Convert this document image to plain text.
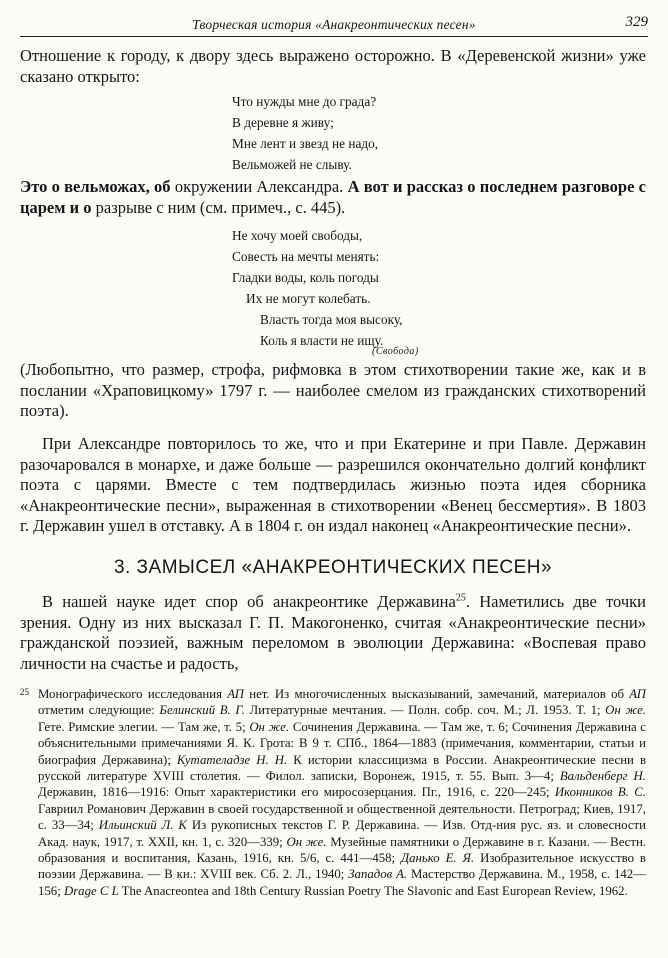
Творческая история «Анакреонтических песен»	329

Отношение к городу, к двору здесь выражено осторожно. В «Деревенской жизни» уже сказано открыто:

Что нужды мне до града?
В деревне я живу;
Мне лент и звезд не надо,
Вельможей не слыву.

Это о вельможах, об окружении Александра. А вот и рассказ о последнем разговоре с царем и о разрыве с ним (см. примеч., с. 445).

Не хочу моей свободы,
Совесть на мечты менять:
Гладки воды, коль погоды
Их не могут колебать.
Власть тогда моя высоку,
Коль я власти не ищу.
(Свобода)

(Любопытно, что размер, строфа, рифмовка в этом стихотворении такие же, как и в послании «Храповицкому» 1797 г. — наиболее смелом из гражданских стихотворений поэта).

При Александре повторилось то же, что и при Екатерине и при Павле. Державин разочаровался в монархе, и даже больше — разрешился окончательно долгий конфликт поэта с царями. Вместе с тем подтвердилась жизнью поэта идея сборника «Анакреонтические песни», выраженная в стихотворении «Венец бессмертия». В 1803 г. Державин ушел в отставку. А в 1804 г. он издал наконец «Анакреонтические песни».

3. ЗАМЫСЕЛ «АНАКРЕОНТИЧЕСКИХ ПЕСЕН»

В нашей науке идет спор об анакреонтике Державина$^{25}$. Наметились две точки зрения. Одну из них высказал Г. П. Макогоненко, считая «Анакреонтические песни» гражданской поэзией, важным переломом в эволюции Державина: «Воспевая право личности на счастье и радость,

25 Монографического исследования АП нет. Из многочисленных высказываний, замечаний, материалов об АП отметим следующие: Белинский В. Г. Литературные мечтания. — Полн. собр. соч. М.; Л. 1953. Т. 1; Он же. Гете. Римские элегии. — Там же, т. 5; Он же. Сочинения Державина. — Там же, т. 6; Сочинения Державина с объяснительными примечаниями Я. К. Грота: В 9 т. СПб., 1864—1883 (примечания, комментарии, статьи и биография Державина); Кутателадзе Н. Н. К истории классицизма в России. Анакреонтические песни в русской литературе XVIII столетия. — Филол. записки, Воронеж, 1915, т. 55. Вып. 3—4; Вальденберг Н. Державин, 1816—1916: Опыт характеристики его миросозерцания. Пг., 1916, с. 220—245; Иконников В. С. Гавриил Романович Державин в своей государственной и общественной деятельности. Петроград; Киев, 1917, с. 33—34; Ильинский Л. К Из рукописных текстов Г. Р. Державина. — Изв. Отд-ния рус. яз. и словесности Акад. наук, 1917, т. XXII, кн. 1, с. 320—339; Он же. Музейные памятники о Державине в г. Казани. — Вестн. образования и воспитания, Казань, 1916, кн. 5/6, с. 441—458; Данько Е. Я. Изобразительное искусство в поэзии Державина. — В кн.: XVIII век. Сб. 2. Л., 1940; Западов А. Мастерство Державина. М., 1958, с. 142—156; Drage C L The Anacreontea and 18th Century Russian Poetry The Slavonic and East European Review, 1962.
